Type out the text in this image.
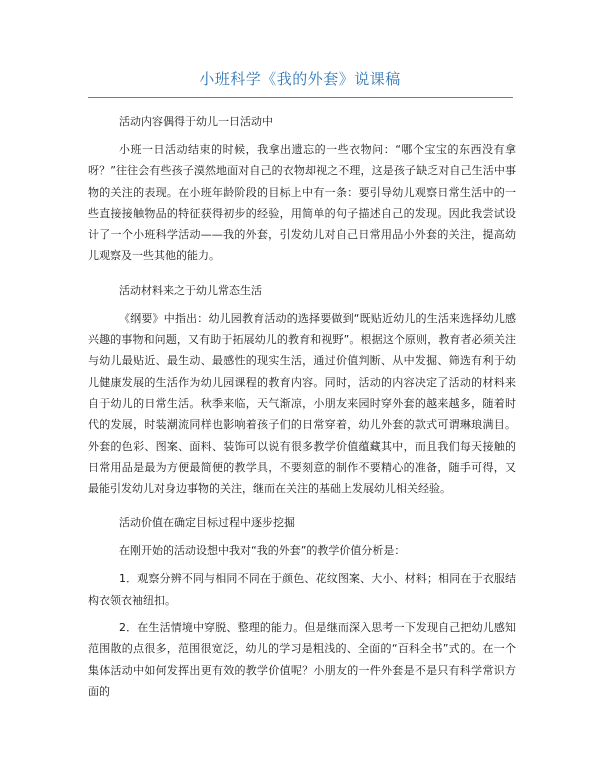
小班科学《我的外套》说课稿
活动内容偶得于幼儿一日活动中
小班一日活动结束的时候，我拿出遗忘的一些衣物问：“哪个宝宝的东西没有拿呀？”往往会有些孩子漠然地面对自己的衣物却视之不理，这是孩子缺乏对自己生活中事物的关注的表现。在小班年龄阶段的目标上中有一条：要引导幼儿观察日常生活中的一些直接接触物品的特征获得初步的经验，用简单的句子描述自己的发现。因此我尝试设计了一个小班科学活动——我的外套，引发幼儿对自己日常用品小外套的关注，提高幼儿观察及一些其他的能力。
活动材料来之于幼儿常态生活
《纲要》中指出：幼儿园教育活动的选择要做到“既贴近幼儿的生活来选择幼儿感兴趣的事物和问题，又有助于拓展幼儿的教育和视野”。根据这个原则，教育者必须关注与幼儿最贴近、最生动、最感性的现实生活，通过价值判断、从中发掘、筛选有利于幼儿健康发展的生活作为幼儿园课程的教育内容。同时，活动的内容决定了活动的材料来自于幼儿的日常生活。秋季来临，天气渐凉，小朋友来园时穿外套的越来越多，随着时代的发展，时装潮流同样也影响着孩子们的日常穿着，幼儿外套的款式可谓琳琅满目。外套的色彩、图案、面料、装饰可以说有很多教学价值蕴藏其中，而且我们每天接触的日常用品是最为方便最简便的教学具，不要刻意的制作不要精心的准备，随手可得，又最能引发幼儿对身边事物的关注，继而在关注的基础上发展幼儿相关经验。
活动价值在确定目标过程中逐步挖掘
在刚开始的活动设想中我对“我的外套”的教学价值分析是：
1．观察分辨不同与相同不同在于颜色、花纹图案、大小、材料；相同在于衣服结构衣领衣袖纽扣。
2．在生活情境中穿脱、整理的能力。但是继而深入思考一下发现自己把幼儿感知范围散的点很多，范围很宽泛，幼儿的学习是粗浅的、全面的“百科全书”式的。在一个集体活动中如何发挥出更有效的教学价值呢？小朋友的一件外套是不是只有科学常识方面的
